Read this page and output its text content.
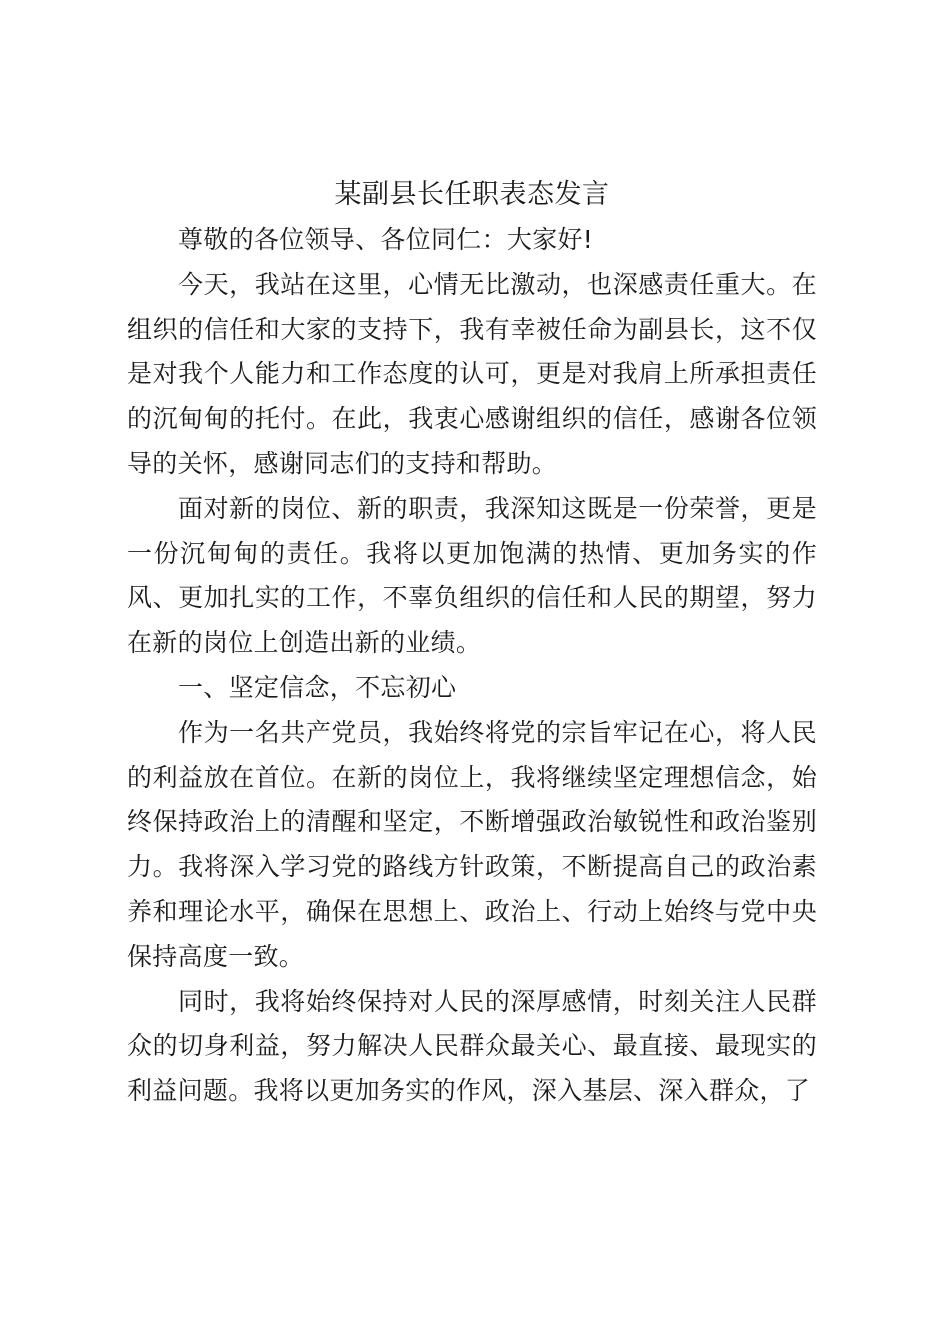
某副县长任职表态发言

尊敬的各位领导、各位同仁：大家好!

今天，我站在这里，心情无比激动，也深感责任重大。在组织的信任和大家的支持下，我有幸被任命为副县长，这不仅是对我个人能力和工作态度的认可，更是对我肩上所承担责任的沉甸甸的托付。在此，我衷心感谢组织的信任，感谢各位领导的关怀，感谢同志们的支持和帮助。

面对新的岗位、新的职责，我深知这既是一份荣誉，更是一份沉甸甸的责任。我将以更加饱满的热情、更加务实的作风、更加扎实的工作，不辜负组织的信任和人民的期望，努力在新的岗位上创造出新的业绩。

一、坚定信念，不忘初心

作为一名共产党员，我始终将党的宗旨牢记在心，将人民的利益放在首位。在新的岗位上，我将继续坚定理想信念，始终保持政治上的清醒和坚定，不断增强政治敏锐性和政治鉴别力。我将深入学习党的路线方针政策，不断提高自己的政治素养和理论水平，确保在思想上、政治上、行动上始终与党中央保持高度一致。

同时，我将始终保持对人民的深厚感情，时刻关注人民群众的切身利益，努力解决人民群众最关心、最直接、最现实的利益问题。我将以更加务实的作风，深入基层、深入群众，了
